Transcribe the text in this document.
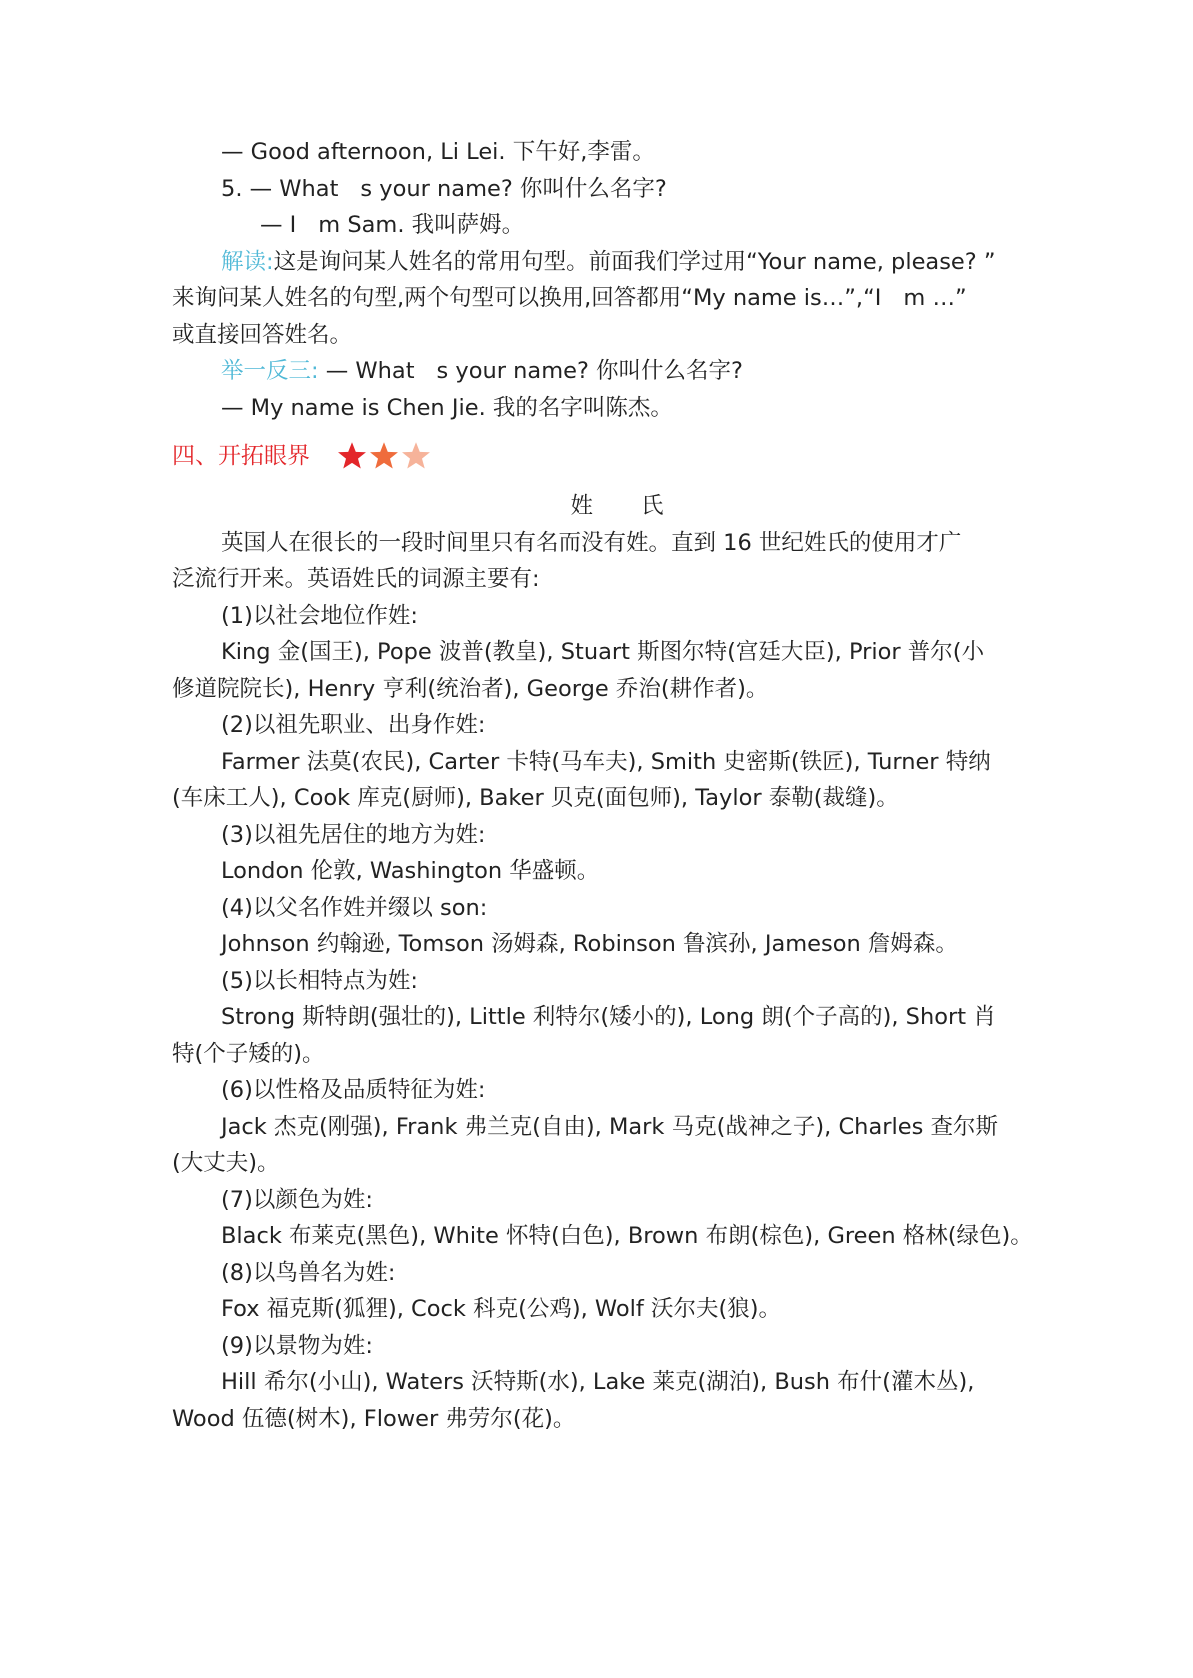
— Good afternoon, Li Lei. 下午好,李雷。

5. — What s your name? 你叫什么名字?

— I m Sam. 我叫萨姆。

解读:这是询问某人姓名的常用句型。前面我们学过用“Your name, please? ”

来询问某人姓名的句型,两个句型可以换用,回答都用“My name is…”,“I m …”

或直接回答姓名。

举一反三: — What s your name? 你叫什么名字?

— My name is Chen Jie. 我的名字叫陈杰。

四、开拓眼界

姓 氏

英国人在很长的一段时间里只有名而没有姓。直到 16 世纪姓氏的使用才广

泛流行开来。英语姓氏的词源主要有:

(1)以社会地位作姓:

King 金(国王), Pope 波普(教皇), Stuart 斯图尔特(宫廷大臣), Prior 普尔(小

修道院院长), Henry 亨利(统治者), George 乔治(耕作者)。

(2)以祖先职业、出身作姓:

Farmer 法莫(农民), Carter 卡特(马车夫), Smith 史密斯(铁匠), Turner 特纳

(车床工人), Cook 库克(厨师), Baker 贝克(面包师), Taylor 泰勒(裁缝)。

(3)以祖先居住的地方为姓:

London 伦敦, Washington 华盛顿。

(4)以父名作姓并缀以 son:

Johnson 约翰逊, Tomson 汤姆森, Robinson 鲁滨孙, Jameson 詹姆森。

(5)以长相特点为姓:

Strong 斯特朗(强壮的), Little 利特尔(矮小的), Long 朗(个子高的), Short 肖

特(个子矮的)。

(6)以性格及品质特征为姓:

Jack 杰克(刚强), Frank 弗兰克(自由), Mark 马克(战神之子), Charles 查尔斯

(大丈夫)。

(7)以颜色为姓:

Black 布莱克(黑色), White 怀特(白色), Brown 布朗(棕色), Green 格林(绿色)。

(8)以鸟兽名为姓:

Fox 福克斯(狐狸), Cock 科克(公鸡), Wolf 沃尔夫(狼)。

(9)以景物为姓:

Hill 希尔(小山), Waters 沃特斯(水), Lake 莱克(湖泊), Bush 布什(灌木丛),

Wood 伍德(树木), Flower 弗劳尔(花)。
